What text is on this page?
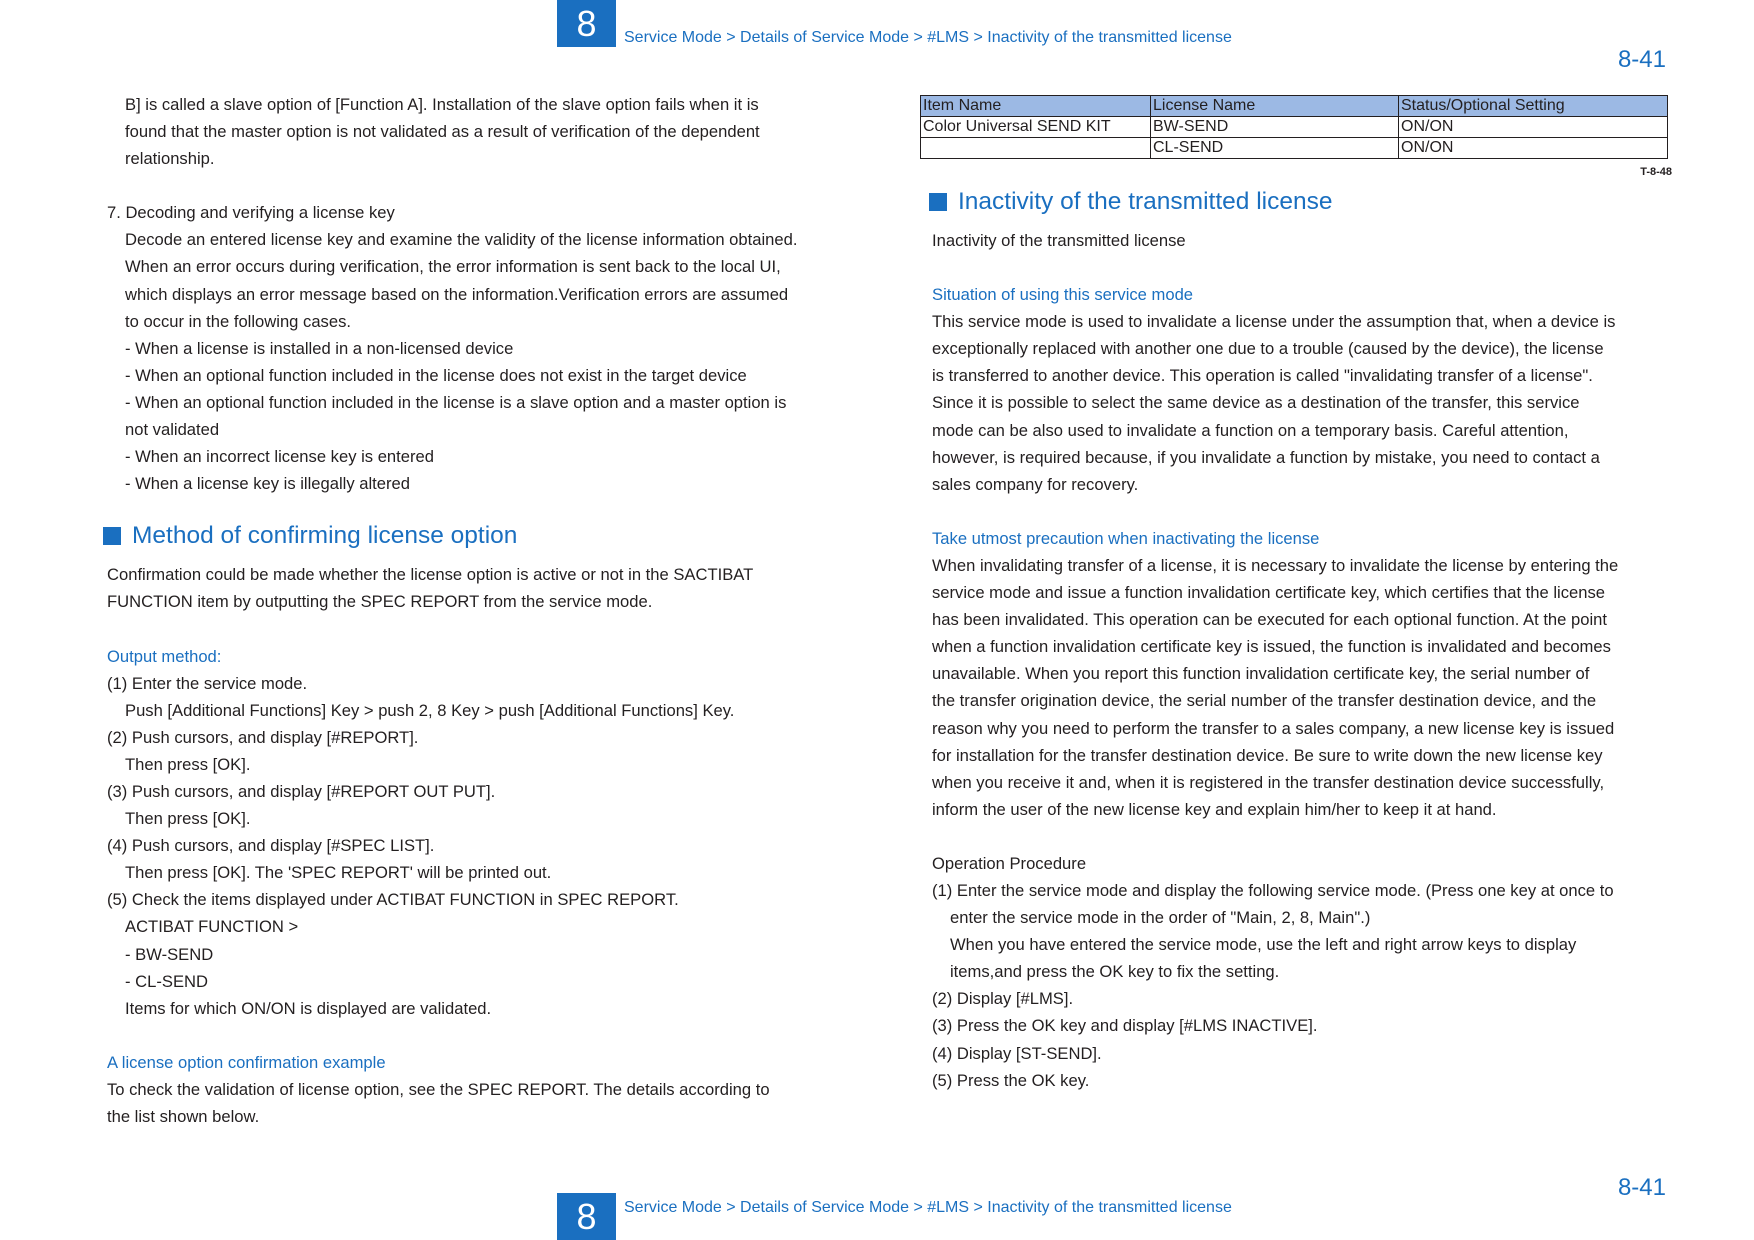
8	Service Mode > Details of Service Mode > #LMS > Inactivity of the transmitted license
8-41

B] is called a slave option of [Function A]. Installation of the slave option fails when it is

found that the master option is not validated as a result of verification of the dependent

relationship.

7. Decoding and verifying a license key

Decode an entered license key and examine the validity of the license information obtained.

When an error occurs during verification, the error information is sent back to the local UI,

which displays an error message based on the information.Verification errors are assumed

to occur in the following cases.

- When a license is installed in a non-licensed device

- When an optional function included in the license does not exist in the target device

- When an optional function included in the license is a slave option and a master option is

not validated

- When an incorrect license key is entered

- When a license key is illegally altered

Method of confirming license option

Confirmation could be made whether the license option is active or not in the SACTIBAT

FUNCTION item by outputting the SPEC REPORT from the service mode.

Output method:

(1) Enter the service mode.

Push [Additional Functions] Key > push 2, 8 Key > push [Additional Functions] Key.

(2) Push cursors, and display [#REPORT].

Then press [OK].

(3) Push cursors, and display [#REPORT OUT PUT].

Then press [OK].

(4) Push cursors, and display [#SPEC LIST].

Then press [OK]. The 'SPEC REPORT' will be printed out.

(5) Check the items displayed under ACTIBAT FUNCTION in SPEC REPORT.

ACTIBAT FUNCTION >

- BW-SEND

- CL-SEND

Items for which ON/ON is displayed are validated.

A license option confirmation example

To check the validation of license option, see the SPEC REPORT. The details according to

the list shown below.

Item Name	License Name	Status/Optional Setting
Color Universal SEND KIT	BW-SEND	ON/ON
	CL-SEND	ON/ON
T-8-48
Inactivity of the transmitted license

Inactivity of the transmitted license

Situation of using this service mode

This service mode is used to invalidate a license under the assumption that, when a device is

exceptionally replaced with another one due to a trouble (caused by the device), the license

is transferred to another device. This operation is called "invalidating transfer of a license".

Since it is possible to select the same device as a destination of the transfer, this service

mode can be also used to invalidate a function on a temporary basis. Careful attention,

however, is required because, if you invalidate a function by mistake, you need to contact a

sales company for recovery.

Take utmost precaution when inactivating the license

When invalidating transfer of a license, it is necessary to invalidate the license by entering the

service mode and issue a function invalidation certificate key, which certifies that the license

has been invalidated. This operation can be executed for each optional function. At the point

when a function invalidation certificate key is issued, the function is invalidated and becomes

unavailable. When you report this function invalidation certificate key, the serial number of

the transfer origination device, the serial number of the transfer destination device, and the

reason why you need to perform the transfer to a sales company, a new license key is issued

for installation for the transfer destination device. Be sure to write down the new license key

when you receive it and, when it is registered in the transfer destination device successfully,

inform the user of the new license key and explain him/her to keep it at hand.

Operation Procedure

(1) Enter the service mode and display the following service mode. (Press one key at once to

enter the service mode in the order of "Main, 2, 8, Main".)

When you have entered the service mode, use the left and right arrow keys to display

items,and press the OK key to fix the setting.

(2) Display [#LMS].

(3) Press the OK key and display [#LMS INACTIVE].

(4) Display [ST-SEND].

(5) Press the OK key.

8-41
8	Service Mode > Details of Service Mode > #LMS > Inactivity of the transmitted license
